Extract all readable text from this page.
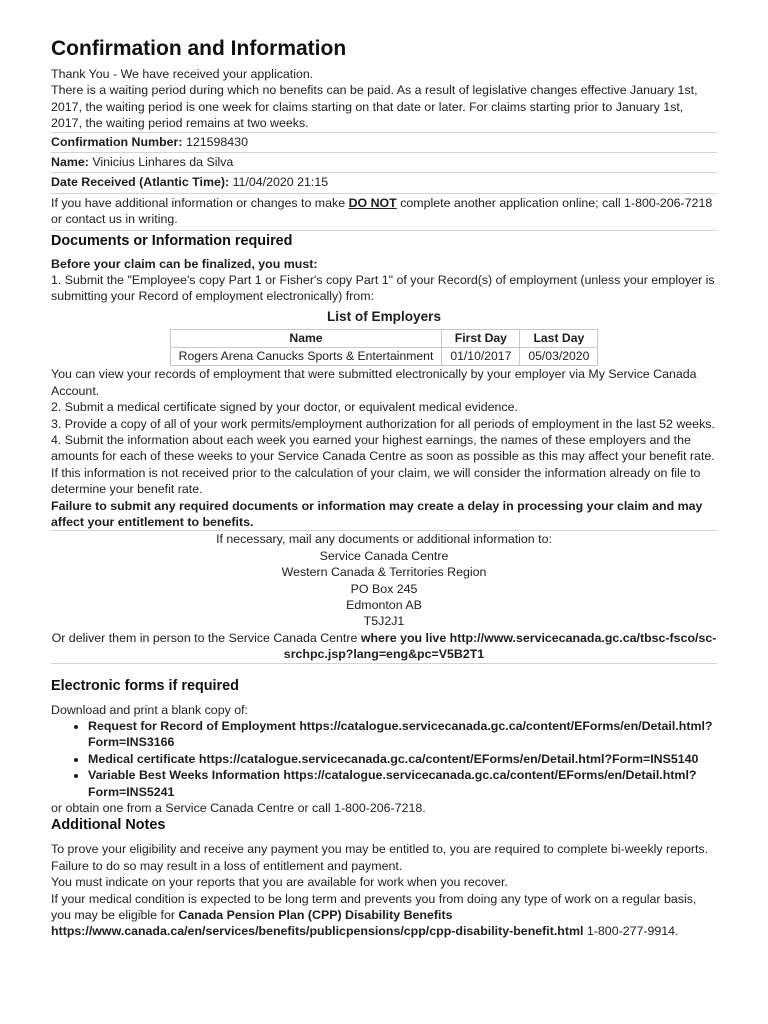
Confirmation and Information

Thank You - We have received your application.

There is a waiting period during which no benefits can be paid. As a result of legislative changes effective January 1st, 2017, the waiting period is one week for claims starting on that date or later. For claims starting prior to January 1st, 2017, the waiting period remains at two weeks.

Confirmation Number: 121598430
Name: Vinicius Linhares da Silva
Date Received (Atlantic Time): 11/04/2020 21:15
If you have additional information or changes to make DO NOT complete another application online; call 1-800-206-7218 or contact us in writing.
Documents or Information required

Before your claim can be finalized, you must:

1. Submit the "Employee's copy Part 1 or Fisher's copy Part 1" of your Record(s) of employment (unless your employer is submitting your Record of employment electronically) from:

List of Employers
Name	First Day	Last Day
Rogers Arena Canucks Sports & Entertainment	01/10/2017	05/03/2020

You can view your records of employment that were submitted electronically by your employer via My Service Canada Account.

2. Submit a medical certificate signed by your doctor, or equivalent medical evidence.

3. Provide a copy of all of your work permits/employment authorization for all periods of employment in the last 52 weeks.

4. Submit the information about each week you earned your highest earnings, the names of these employers and the amounts for each of these weeks to your Service Canada Centre as soon as possible as this may affect your benefit rate. If this information is not received prior to the calculation of your claim, we will consider the information already on file to determine your benefit rate.

Failure to submit any required documents or information may create a delay in processing your claim and may affect your entitlement to benefits.

If necessary, mail any documents or additional information to:

Service Canada Centre

Western Canada & Territories Region

PO Box 245

Edmonton AB

T5J2J1

Or deliver them in person to the Service Canada Centre where you live http://www.servicecanada.gc.ca/tbsc-fsco/sc-srchpc.jsp?lang=eng&pc=V5B2T1

Electronic forms if required

Download and print a blank copy of:

• Request for Record of Employment https://catalogue.servicecanada.gc.ca/content/EForms/en/Detail.html?Form=INS3166
• Medical certificate https://catalogue.servicecanada.gc.ca/content/EForms/en/Detail.html?Form=INS5140
• Variable Best Weeks Information https://catalogue.servicecanada.gc.ca/content/EForms/en/Detail.html?Form=INS5241

or obtain one from a Service Canada Centre or call 1-800-206-7218.

Additional Notes

To prove your eligibility and receive any payment you may be entitled to, you are required to complete bi-weekly reports. Failure to do so may result in a loss of entitlement and payment.

You must indicate on your reports that you are available for work when you recover.

If your medical condition is expected to be long term and prevents you from doing any type of work on a regular basis, you may be eligible for Canada Pension Plan (CPP) Disability Benefits https://www.canada.ca/en/services/benefits/publicpensions/cpp/cpp-disability-benefit.html 1-800-277-9914.
